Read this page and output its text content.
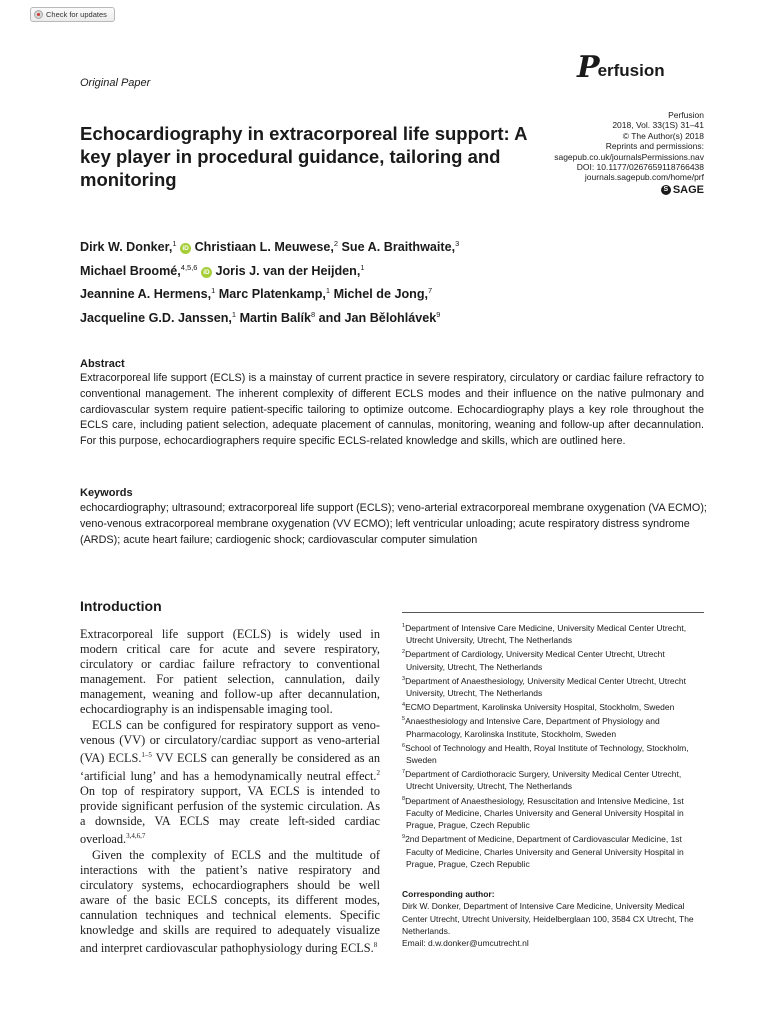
Check for updates
Original Paper	P
erfusion
Perfusion
2018, Vol. 33(1S) 31–41
© The Author(s) 2018
Reprints and permissions:
sagepub.co.uk/journalsPermissions.nav
DOI: 10.1177/0267659118766438
journals.sagepub.com/home/prf
S SAGE
Echocardiography in extracorporeal life support: A key player in procedural guidance, tailoring and monitoring
Dirk W. Donker,$^1$ iD Christiaan L. Meuwese,$^2$ Sue A. Braithwaite,$^3$
Michael Broomé,$^{4,5,6}$ iD Joris J. van der Heijden,$^1$
Jeannine A. Hermens,$^1$ Marc Platenkamp,$^1$ Michel de Jong,$^7$
Jacqueline G.D. Janssen,$^1$ Martin Balík$^8$ and Jan Bělohlávek$^9$
Abstract
Extracorporeal life support (ECLS) is a mainstay of current practice in severe respiratory, circulatory or cardiac failure refractory to conventional management. The inherent complexity of different ECLS modes and their influence on the native pulmonary and cardiovascular system require patient-specific tailoring to optimize outcome. Echocardiography plays a key role throughout the ECLS care, including patient selection, adequate placement of cannulas, monitoring, weaning and follow-up after decannulation. For this purpose, echocardiographers require specific ECLS-related knowledge and skills, which are outlined here.
Keywords
echocardiography; ultrasound; extracorporeal life support (ECLS); veno-arterial extracorporeal membrane oxygenation (VA ECMO); veno-venous extracorporeal membrane oxygenation (VV ECMO); left ventricular unloading; acute respiratory distress syndrome (ARDS); acute heart failure; cardiogenic shock; cardiovascular computer simulation
Introduction

Extracorporeal life support (ECLS) is widely used in modern critical care for acute and severe respiratory, circulatory or cardiac failure refractory to conventional management. For patient selection, cannulation, daily management, weaning and follow-up after decannulation, echocardiography is an indispensable imaging tool.

ECLS can be configured for respiratory support as veno-venous (VV) or circulatory/cardiac support as veno-arterial (VA) ECLS.$^{1-5}$ VV ECLS can generally be considered as an ‘artificial lung’ and has a hemodynamically neutral effect.$^2$ On top of respiratory support, VA ECLS is intended to provide significant perfusion of the systemic circulation. As a downside, VA ECLS may create left-sided cardiac overload.$^{3,4,6,7}$

Given the complexity of ECLS and the multitude of interactions with the patient’s native respiratory and circulatory systems, echocardiographers should be well aware of the basic ECLS concepts, its different modes, cannulation techniques and technical elements. Specific knowledge and skills are required to adequately visualize and interpret cardiovascular pathophysiology during ECLS.$^8$

$^1$Department of Intensive Care Medicine, University Medical Center Utrecht, Utrecht University, Utrecht, The Netherlands
$^2$Department of Cardiology, University Medical Center Utrecht, Utrecht University, Utrecht, The Netherlands
$^3$Department of Anaesthesiology, University Medical Center Utrecht, Utrecht University, Utrecht, The Netherlands
$^4$ECMO Department, Karolinska University Hospital, Stockholm, Sweden
$^5$Anaesthesiology and Intensive Care, Department of Physiology and Pharmacology, Karolinska Institute, Stockholm, Sweden
$^6$School of Technology and Health, Royal Institute of Technology, Stockholm, Sweden
$^7$Department of Cardiothoracic Surgery, University Medical Center Utrecht, Utrecht University, Utrecht, The Netherlands
$^8$Department of Anaesthesiology, Resuscitation and Intensive Medicine, 1st Faculty of Medicine, Charles University and General University Hospital in Prague, Prague, Czech Republic
$^9$2nd Department of Medicine, Department of Cardiovascular Medicine, 1st Faculty of Medicine, Charles University and General University Hospital in Prague, Prague, Czech Republic
Corresponding author:
Dirk W. Donker, Department of Intensive Care Medicine, University Medical Center Utrecht, Utrecht University, Heidelberglaan 100, 3584 CX Utrecht, The Netherlands.
Email: d.w.donker@umcutrecht.nl
